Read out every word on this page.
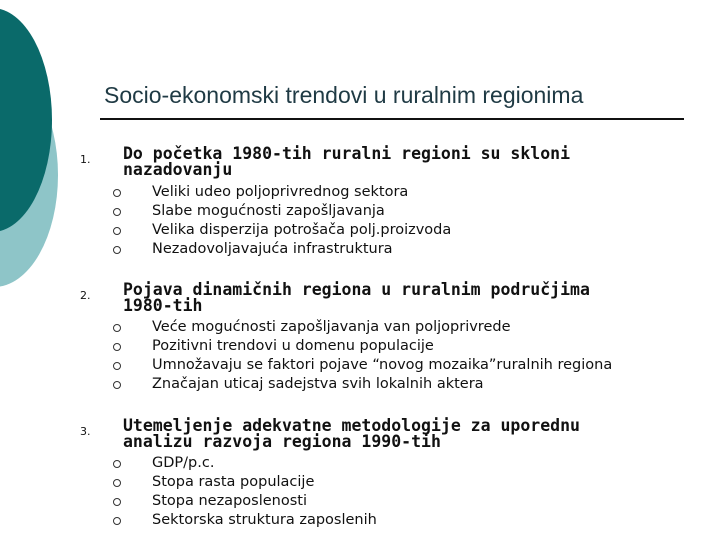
Socio-ekonomski trendovi u ruralnim regionima
1. Do početka 1980-tih ruralni regioni su skloni
nazadovanju
Veliki udeo poljoprivrednog sektora
Slabe mogućnosti zapošljavanja
Velika disperzija potrošača polj.proizvoda
Nezadovoljavajuća infrastruktura
2. Pojava dinamičnih regiona u ruralnim područjima
1980-tih
Veće mogućnosti zapošljavanja van poljoprivrede
Pozitivni trendovi u domenu populacije
Umnožavaju se faktori pojave “novog mozaika”ruralnih regiona
Značajan uticaj sadejstva svih lokalnih aktera
3. Utemeljenje adekvatne metodologije za uporednu
analizu razvoja regiona 1990-tih
GDP/p.c.
Stopa rasta populacije
Stopa nezaposlenosti
Sektorska struktura zaposlenih
